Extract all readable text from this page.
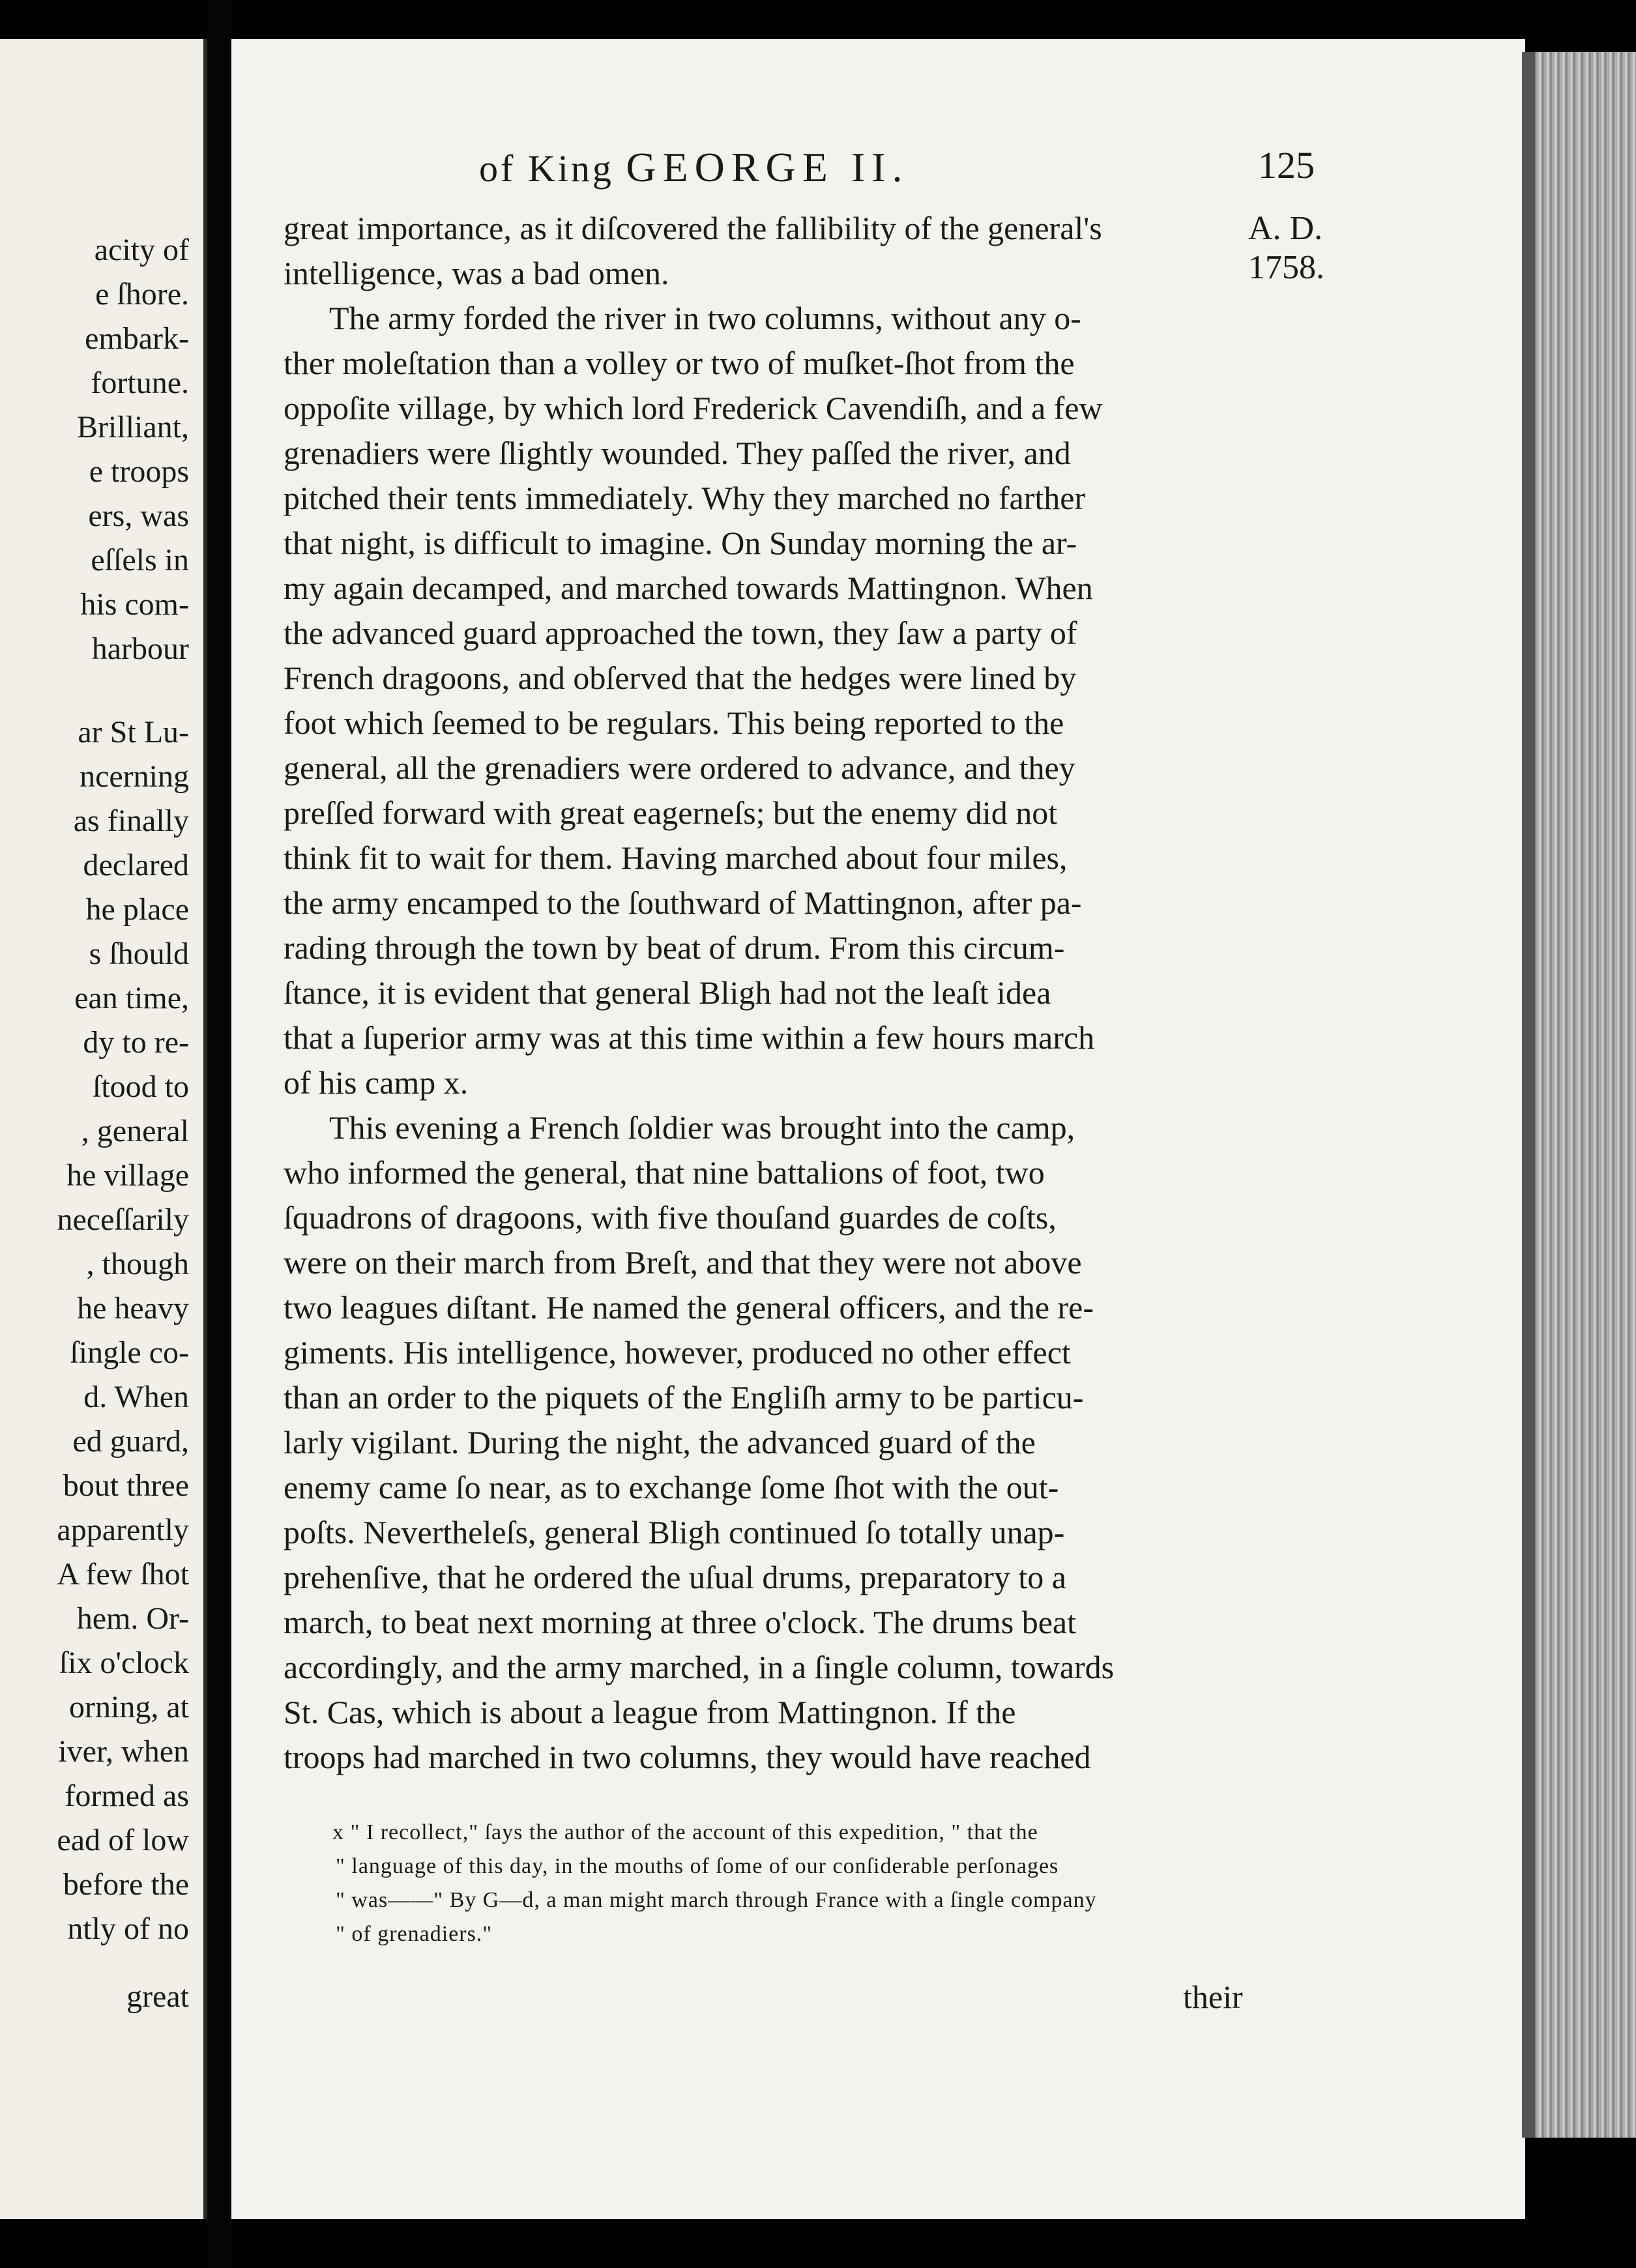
acity of
e ſhore.
embark-
fortune.
Brilliant,
e troops
ers, was
eſſels in
his com-
harbour
ar St Lu-
ncerning
as finally
declared
he place
s ſhould
ean time,
dy to re-
ſtood to
, general
he village
neceſſarily
, though
he heavy
ſingle co-
d. When
ed guard,
bout three
apparently
A few ſhot
hem. Or-
ſix o'clock
orning, at
iver, when
formed as
ead of low
before the
ntly of no
great
of King GEORGE II.	125
A. D.
1758.
great importance, as it diſcovered the fallibility of the general's
intelligence, was a bad omen.
The army forded the river in two columns, without any o-
ther moleſtation than a volley or two of muſket-ſhot from the
oppoſite village, by which lord Frederick Cavendiſh, and a few
grenadiers were ſlightly wounded. They paſſed the river, and
pitched their tents immediately. Why they marched no farther
that night, is difficult to imagine. On Sunday morning the ar-
my again decamped, and marched towards Mattingnon. When
the advanced guard approached the town, they ſaw a party of
French dragoons, and obſerved that the hedges were lined by
foot which ſeemed to be regulars. This being reported to the
general, all the grenadiers were ordered to advance, and they
preſſed forward with great eagerneſs; but the enemy did not
think fit to wait for them. Having marched about four miles,
the army encamped to the ſouthward of Mattingnon, after pa-
rading through the town by beat of drum. From this circum-
ſtance, it is evident that general Bligh had not the leaſt idea
that a ſuperior army was at this time within a few hours march
of his camp x.
This evening a French ſoldier was brought into the camp,
who informed the general, that nine battalions of foot, two
ſquadrons of dragoons, with five thouſand guardes de coſts,
were on their march from Breſt, and that they were not above
two leagues diſtant. He named the general officers, and the re-
giments. His intelligence, however, produced no other effect
than an order to the piquets of the Engliſh army to be particu-
larly vigilant. During the night, the advanced guard of the
enemy came ſo near, as to exchange ſome ſhot with the out-
poſts. Nevertheleſs, general Bligh continued ſo totally unap-
prehenſive, that he ordered the uſual drums, preparatory to a
march, to beat next morning at three o'clock. The drums beat
accordingly, and the army marched, in a ſingle column, towards
St. Cas, which is about a league from Mattingnon. If the
troops had marched in two columns, they would have reached
x " I recollect," ſays the author of the account of this expedition, " that the
" language of this day, in the mouths of ſome of our conſiderable perſonages
" was——" By G—d, a man might march through France with a ſingle company
" of grenadiers."
their
